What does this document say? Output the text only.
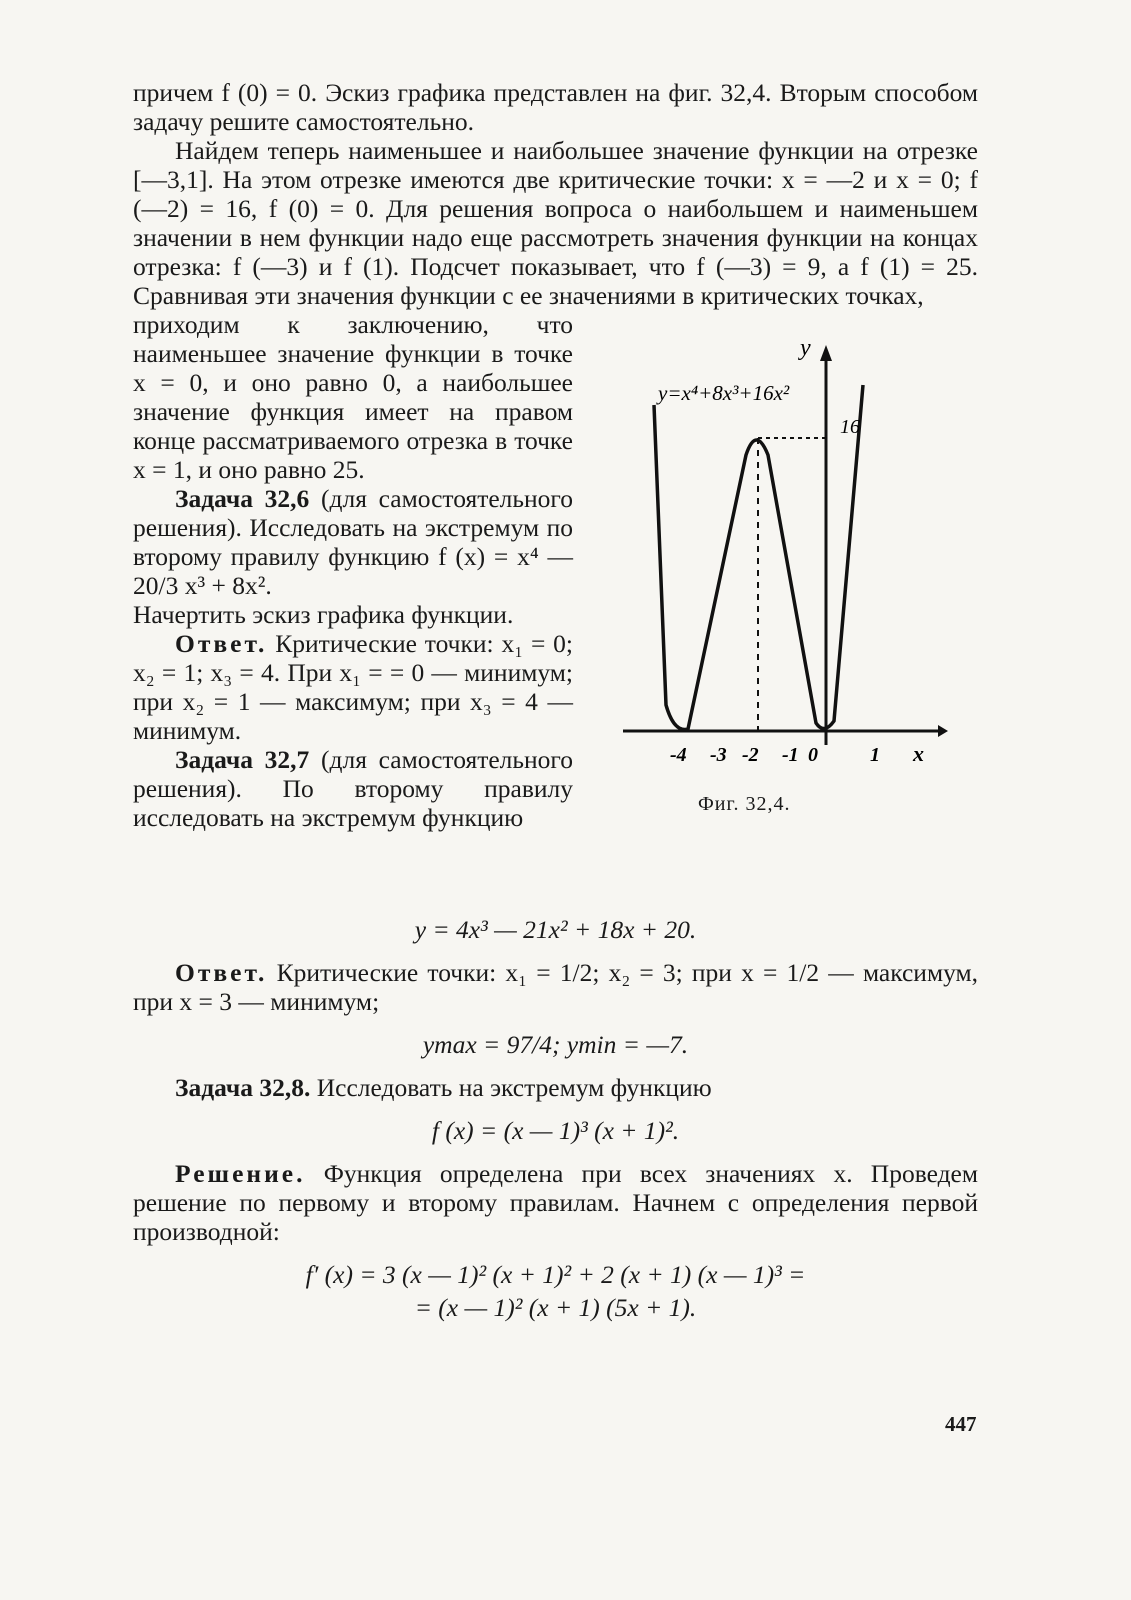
причем f (0) = 0. Эскиз графика представлен на фиг. 32,4. Вторым способом задачу решите самостоятельно.

Найдем теперь наименьшее и наибольшее значение функции на отрезке [—3,1]. На этом отрезке имеются две критические точки: x = —2 и x = 0; f (—2) = 16, f (0) = 0. Для решения вопроса о наибольшем и наименьшем значении в нем функции надо еще рассмотреть значения функции на концах отрезка: f (—3) и f (1). Подсчет показывает, что f (—3) = 9, а f (1) = 25. Сравнивая эти значения функции с ее значениями в критических точках,

приходим к заключению, что наименьшее значение функции в точке x = 0, и оно равно 0, а наибольшее значение функция имеет на правом конце рассматриваемого отрезка в точке x = 1, и оно равно 25.

Задача 32,6 (для самостоятельного решения). Исследовать на экстремум по второму правилу функцию f (x) = x⁴ — 20/3 x³ + 8x².

Начертить эскиз графика функции.

Ответ. Критические точки: x₁ = 0; x₂ = 1; x₃ = 4. При x₁ = = 0 — минимум; при x₂ = 1 — максимум; при x₃ = 4 — минимум.

Задача 32,7 (для самостоятельного решения). По второму правилу исследовать на экстремум функцию

y
x
16
y=x⁴+8x³+16x²
-4 -3 -2 -1 0	1
Фиг. 32,4.
y = 4x³ — 21x² + 18x + 20.

Ответ. Критические точки: x₁ = 1/2; x₂ = 3; при x = 1/2 — максимум, при x = 3 — минимум;

ymax = 97/4; ymin = —7.

Задача 32,8. Исследовать на экстремум функцию

f (x) = (x — 1)³ (x + 1)².

Решение. Функция определена при всех значениях x. Проведем решение по первому и второму правилам. Начнем с определения первой производной:

f′ (x) = 3 (x — 1)² (x + 1)² + 2 (x + 1) (x — 1)³ =
= (x — 1)² (x + 1) (5x + 1).
447
